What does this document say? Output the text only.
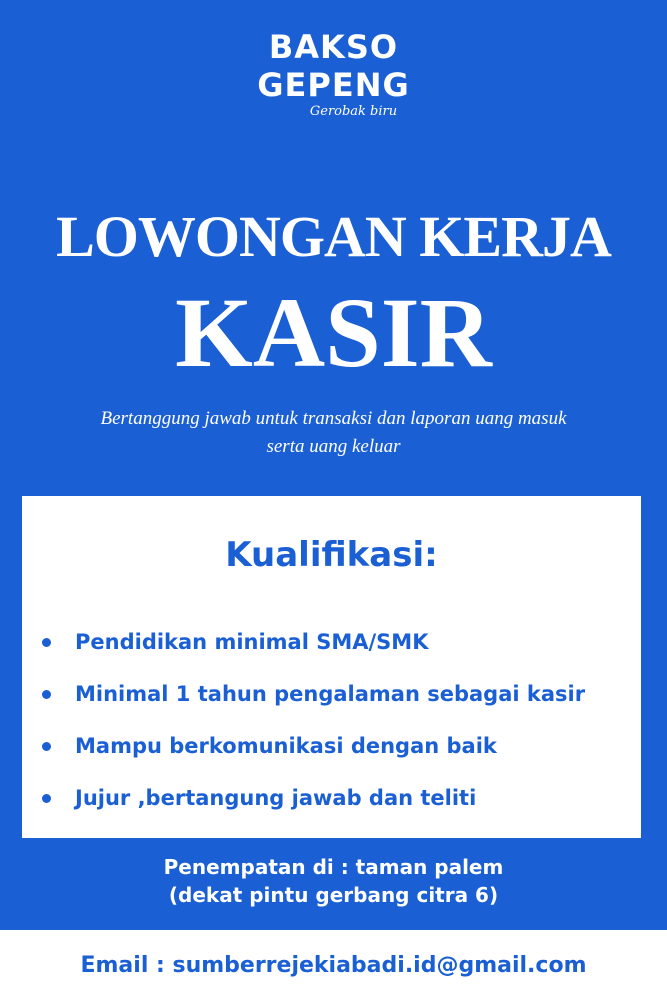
BAKSO
GEPENG
Gerobak biru
LOWONGAN KERJA
KASIR
Bertanggung jawab untuk transaksi dan laporan uang masuk
serta uang keluar
Kualifikasi:
Pendidikan minimal SMA/SMK
Minimal 1 tahun pengalaman sebagai kasir
Mampu berkomunikasi dengan baik
Jujur ,bertangung jawab dan teliti
Penempatan di : taman palem
(dekat pintu gerbang citra 6)
Email : sumberrejekiabadi.id@gmail.com
